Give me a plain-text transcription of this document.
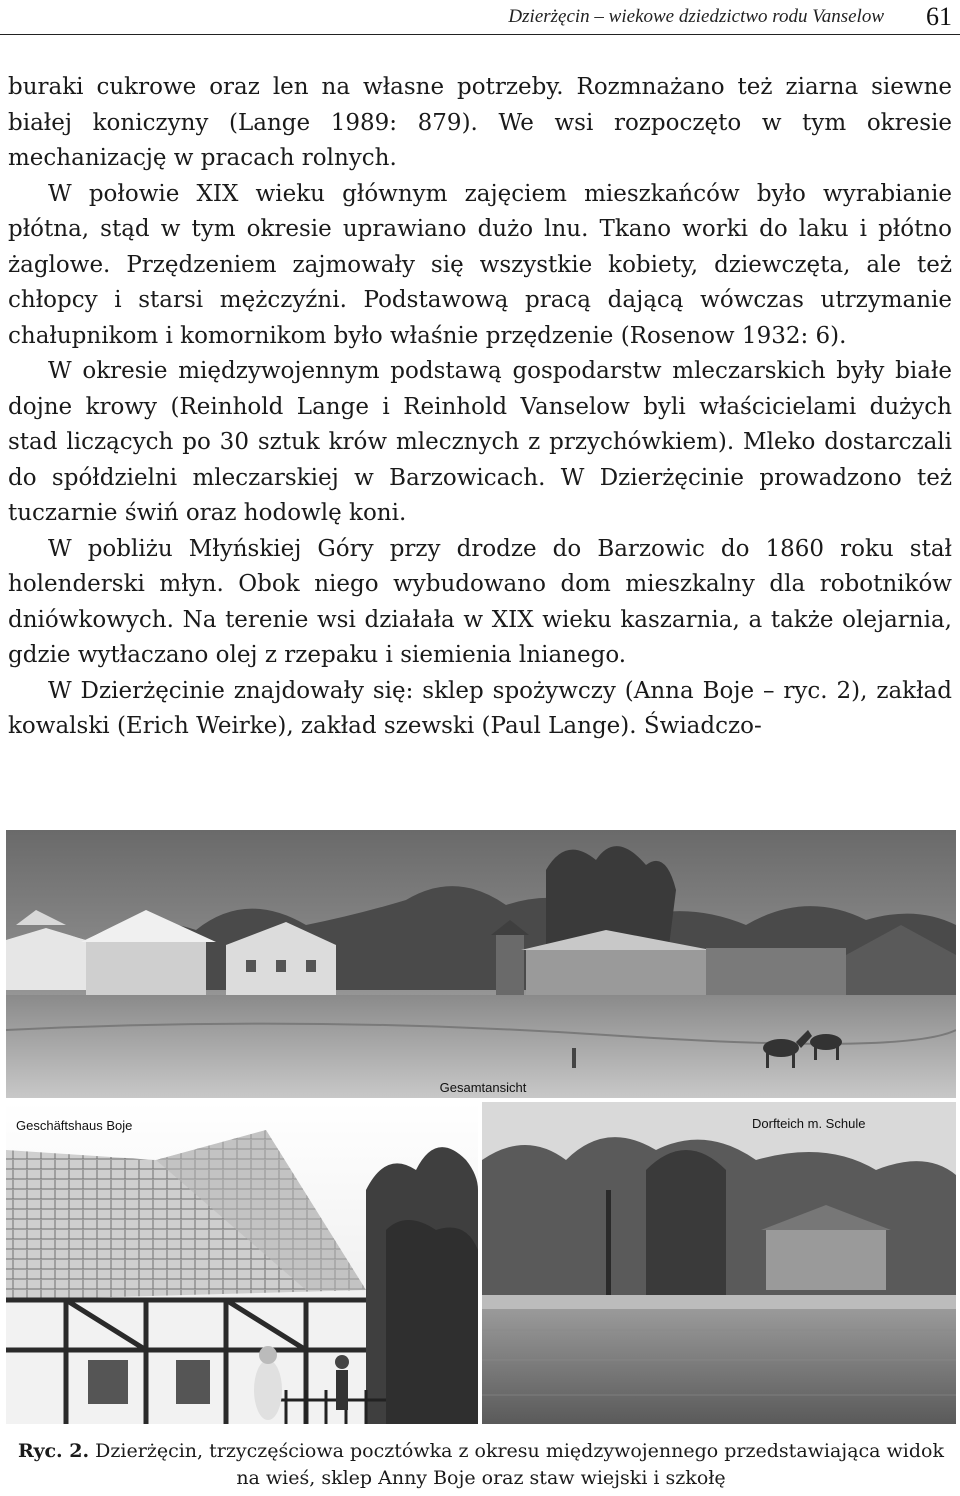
Dzierżęcin – wiekowe dziedzictwo rodu Vanselow 61

buraki cukrowe oraz len na własne potrzeby. Rozmnażano też ziarna siewne białej koniczyny (Lange 1989: 879). We wsi rozpoczęto w tym okresie mechanizację w pracach rolnych.

W połowie XIX wieku głównym zajęciem mieszkańców było wyrabianie płótna, stąd w tym okresie uprawiano dużo lnu. Tkano worki do laku i płótno żaglowe. Przędzeniem zajmowały się wszystkie kobiety, dziewczęta, ale też chłopcy i starsi mężczyźni. Podstawową pracą dającą wówczas utrzymanie chałupnikom i komornikom było właśnie przędzenie (Rosenow 1932: 6).

W okresie międzywojennym podstawą gospodarstw mleczarskich były białe dojne krowy (Reinhold Lange i Reinhold Vanselow byli właścicielami dużych stad liczących po 30 sztuk krów mlecznych z przychówkiem). Mleko dostarczali do spółdzielni mleczarskiej w Barzowicach. W Dzierżęcinie prowadzono też tuczarnie świń oraz hodowlę koni.

W pobliżu Młyńskiej Góry przy drodze do Barzowic do 1860 roku stał holenderski młyn. Obok niego wybudowano dom mieszkalny dla robotników dniówkowych. Na terenie wsi działała w XIX wieku kaszarnia, a także olejarnia, gdzie wytłaczano olej z rzepaku i siemienia lnianego.

W Dzierżęcinie znajdowały się: sklep spożywczy (Anna Boje – ryc. 2), zakład kowalski (Erich Weirke), zakład szewski (Paul Lange). Świadczo-

Gesamtansicht
Geschäftshaus Boje	Dorfteich m. Schule
Ryc. 2. Dzierżęcin, trzyczęściowa pocztówka z okresu międzywojennego przedstawiająca widok na wieś, sklep Anny Boje oraz staw wiejski i szkołę
